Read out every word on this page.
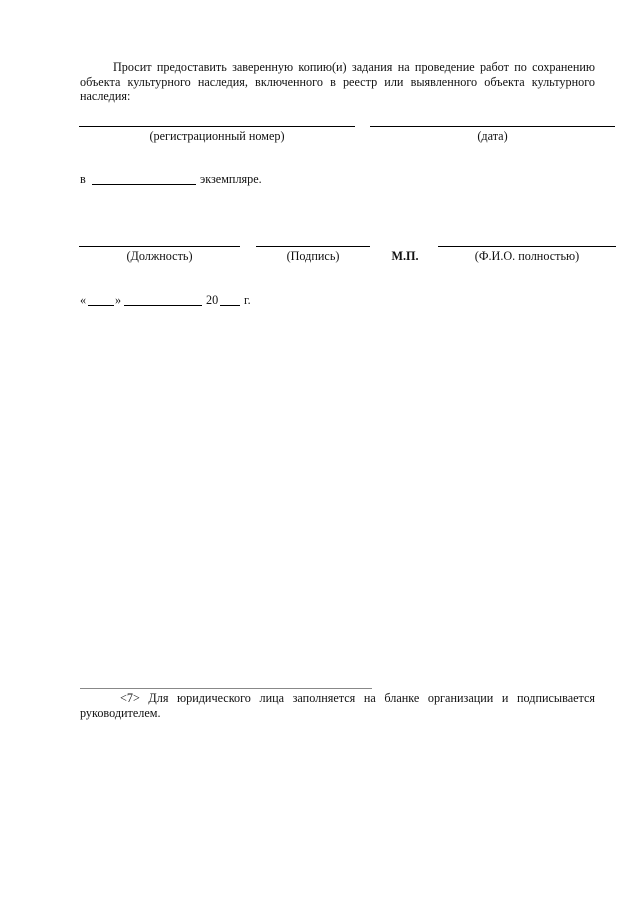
Просит предоставить заверенную копию(и) задания на проведение работ по сохранению объекта культурного наследия, включенного в реестр или выявленного объекта культурного наследия:

(регистрационный номер)	(дата)
в	экземпляре.
(Должность)	(Подпись)	М.П.	(Ф.И.О. полностью)
« »	20 г.

<7> Для юридического лица заполняется на бланке организации и подписывается руководителем.
